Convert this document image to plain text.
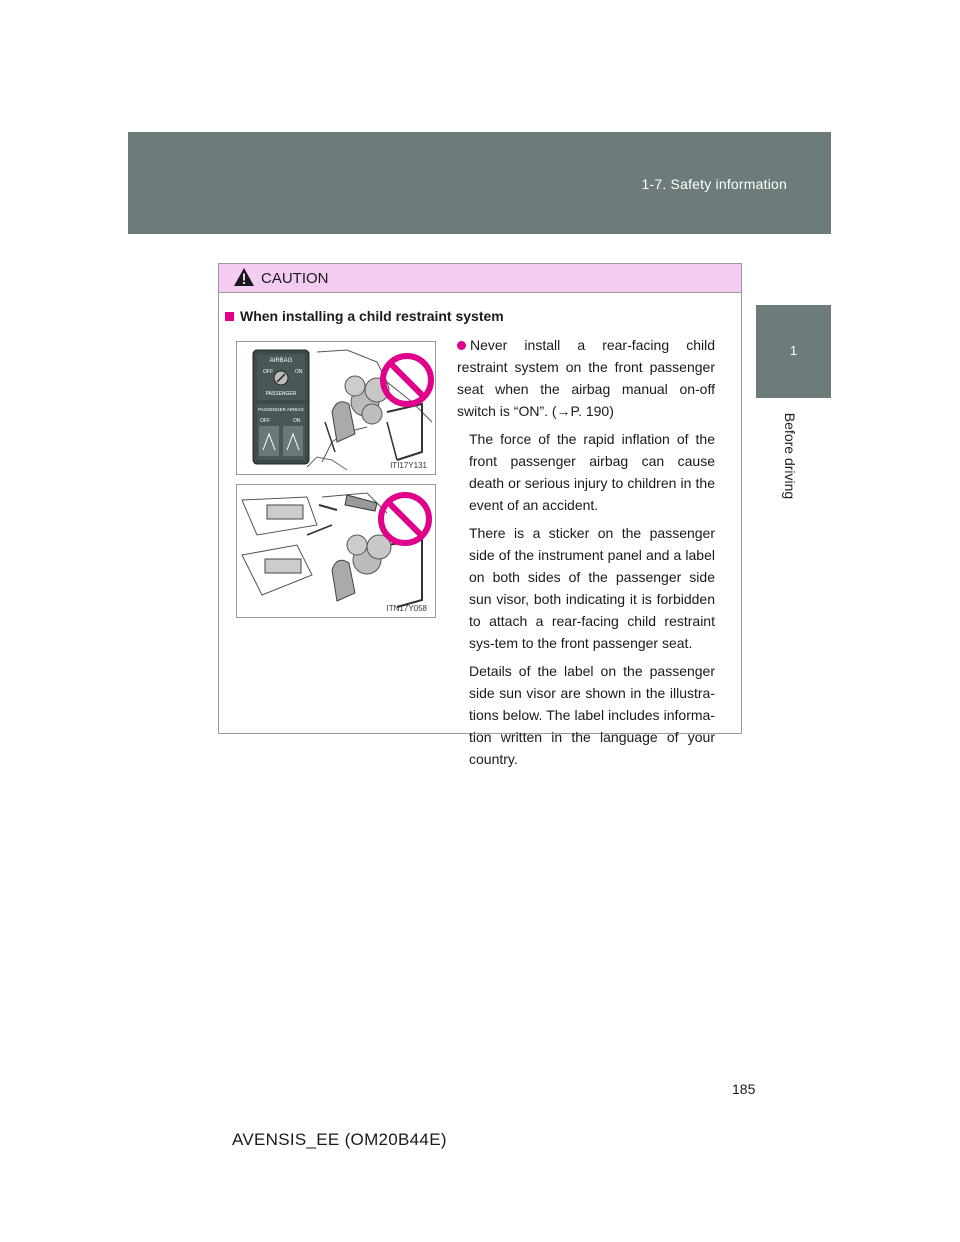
1-7. Safety information
1
Before driving
CAUTION
When installing a child restraint system
AIRBAG
OFF	ON
PASSENGER
PASSENGER AIRBAG
OFF	ON
ITI17Y131
ITN17Y058

Never install a rear-facing child restraint system on the front passenger seat when the airbag manual on-off switch is “ON”. (→P. 190)

The force of the rapid inflation of the front passenger airbag can cause death or serious injury to children in the event of an accident.

There is a sticker on the passenger side of the instrument panel and a label on both sides of the passenger side sun visor, both indicating it is forbidden to attach a rear-facing child restraint sys-tem to the front passenger seat.

Details of the label on the passenger side sun visor are shown in the illustra-tions below. The label includes informa-tion written in the language of your country.

185
AVENSIS_EE (OM20B44E)
